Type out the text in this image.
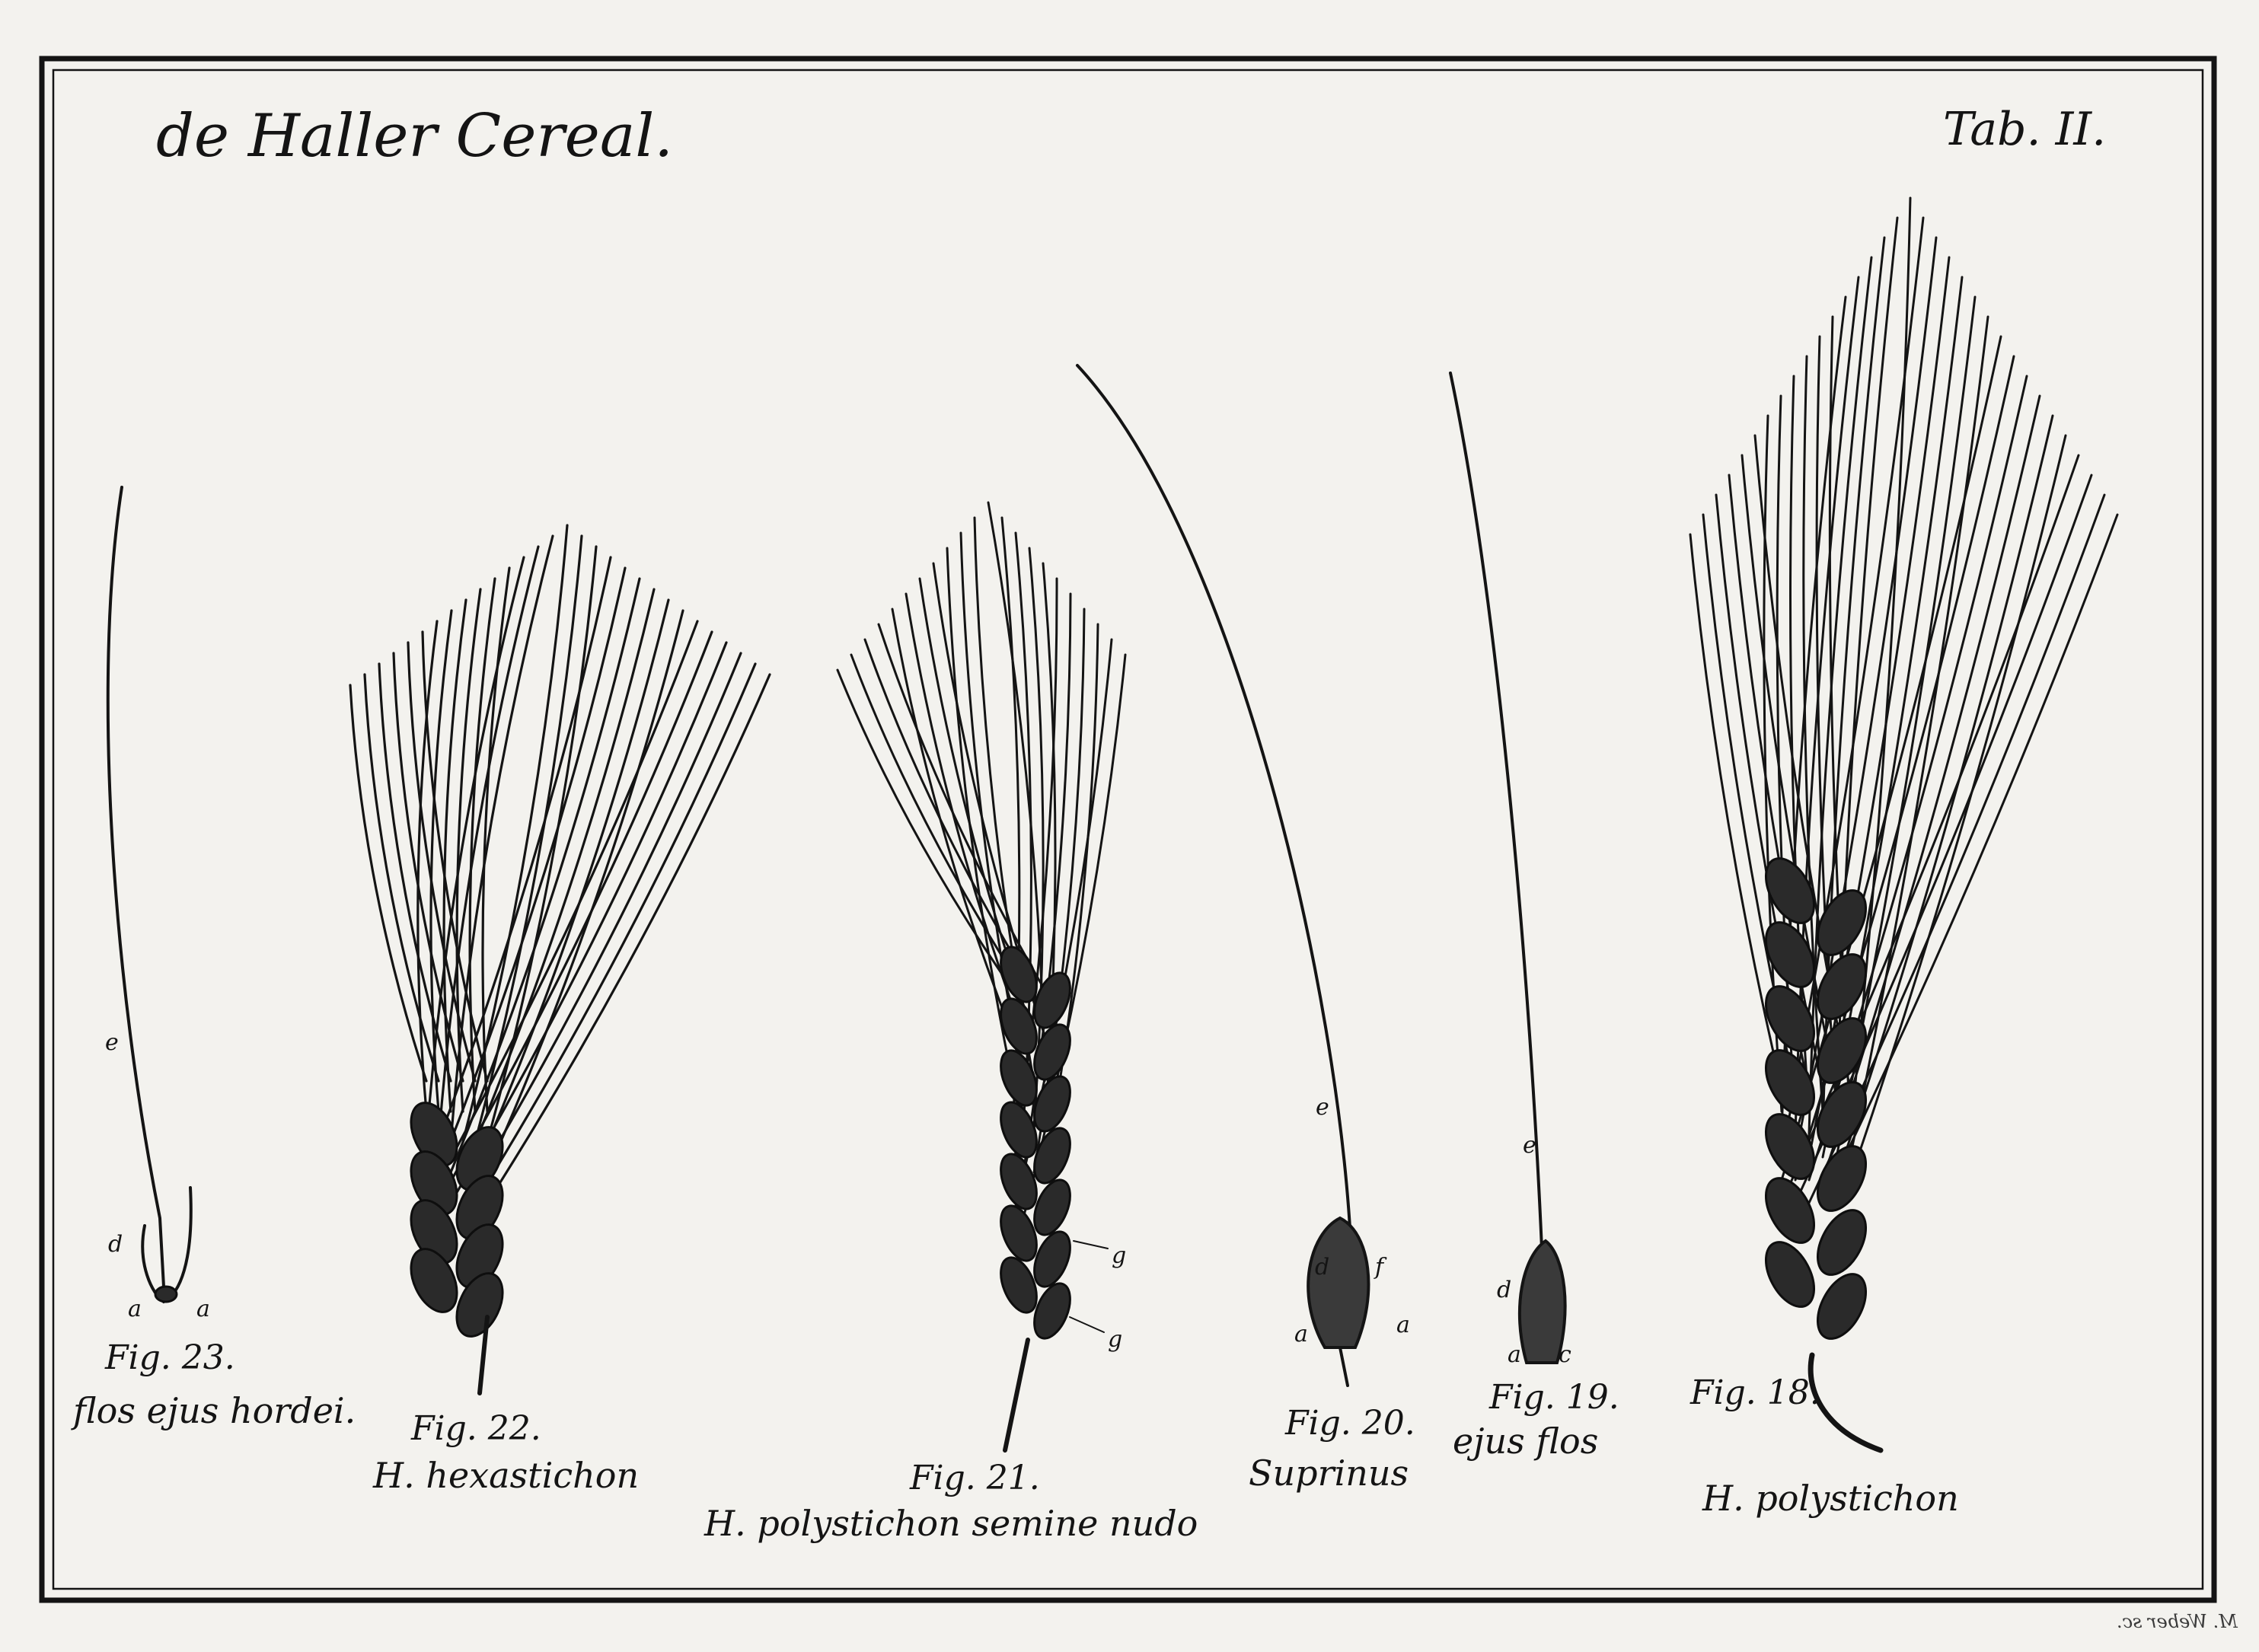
de Haller Cereal.	Tab. II.
Fig. 23.
flos ejus hordei.
e
d
a a
Fig. 22.
H. hexastichon	Fig. 21.
H. polystichon semine nudo
g
g
Fig. 20.
Suprinus
e
d f
a	a
Fig. 19.
ejus flos
e
d
a c
Fig. 18.
H. polystichon
M. Weber sc.
